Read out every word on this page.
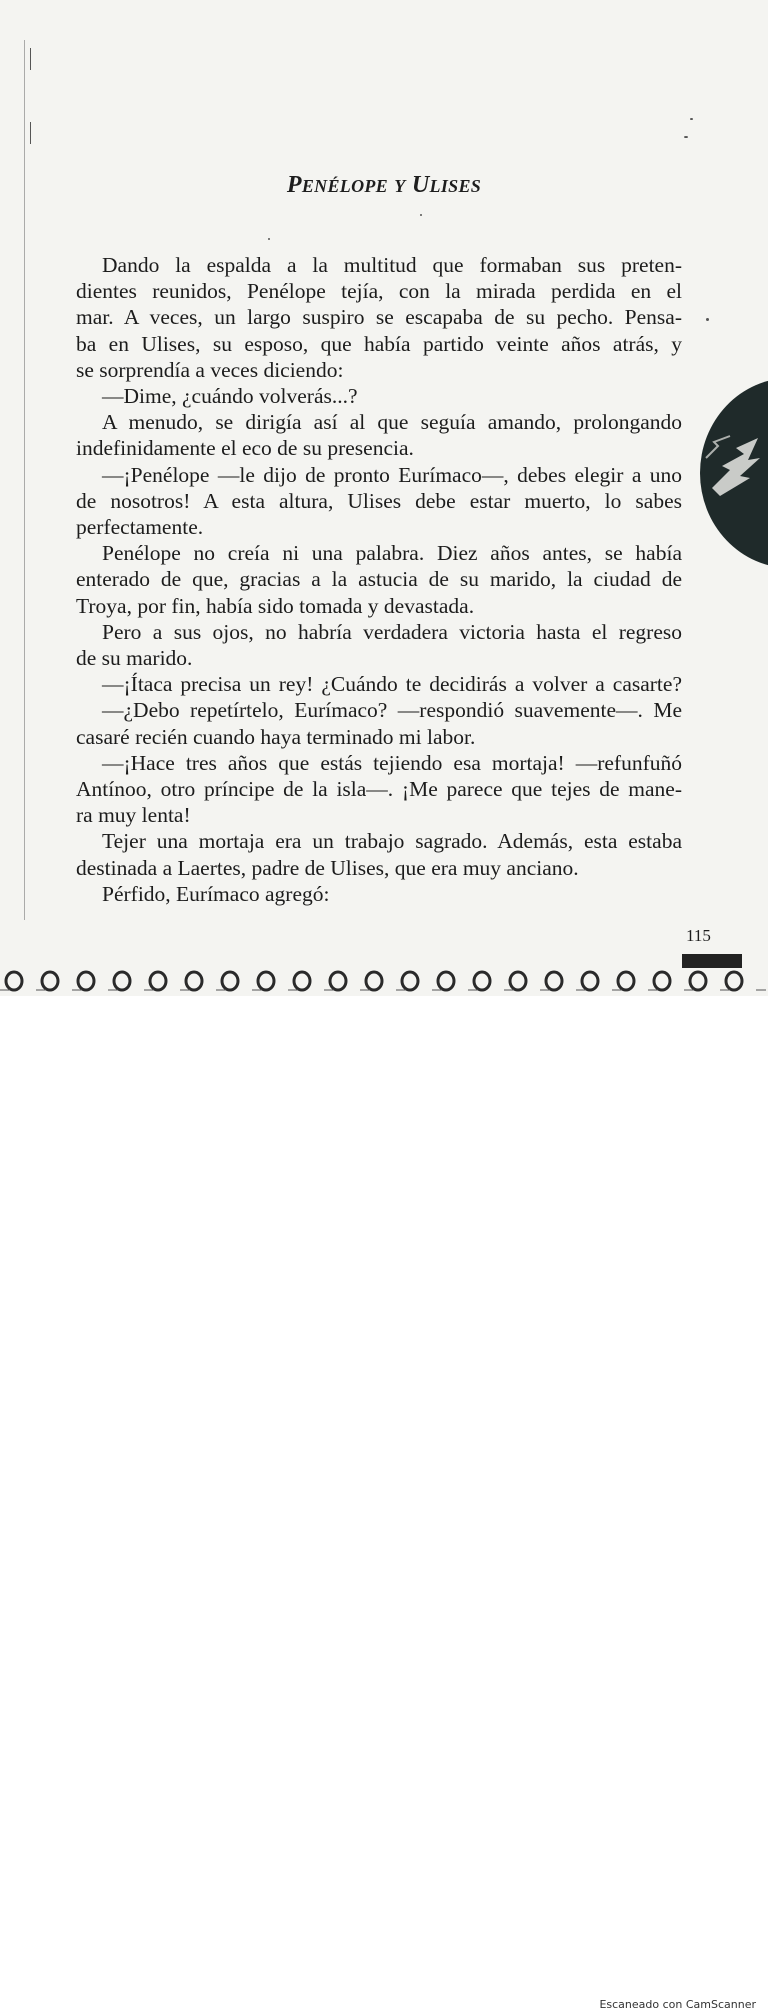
PENÉLOPE Y ULISES
Dando la espalda a la multitud que formaban sus preten-
dientes reunidos, Penélope tejía, con la mirada perdida en el
mar. A veces, un largo suspiro se escapaba de su pecho. Pensa-
ba en Ulises, su esposo, que había partido veinte años atrás, y
se sorprendía a veces diciendo:
—Dime, ¿cuándo volverás...?
A menudo, se dirigía así al que seguía amando, prolongando
indefinidamente el eco de su presencia.
—¡Penélope —le dijo de pronto Eurímaco—, debes elegir a uno
de nosotros! A esta altura, Ulises debe estar muerto, lo sabes
perfectamente.
Penélope no creía ni una palabra. Diez años antes, se había
enterado de que, gracias a la astucia de su marido, la ciudad de
Troya, por fin, había sido tomada y devastada.
Pero a sus ojos, no habría verdadera victoria hasta el regreso
de su marido.
—¡Ítaca precisa un rey! ¿Cuándo te decidirás a volver a casarte?
—¿Debo repetírtelo, Eurímaco? —respondió suavemente—. Me
casaré recién cuando haya terminado mi labor.
—¡Hace tres años que estás tejiendo esa mortaja! —refunfuñó
Antínoo, otro príncipe de la isla—. ¡Me parece que tejes de mane-
ra muy lenta!
Tejer una mortaja era un trabajo sagrado. Además, esta estaba
destinada a Laertes, padre de Ulises, que era muy anciano.
Pérfido, Eurímaco agregó:

115

Escaneado con CamScanner
